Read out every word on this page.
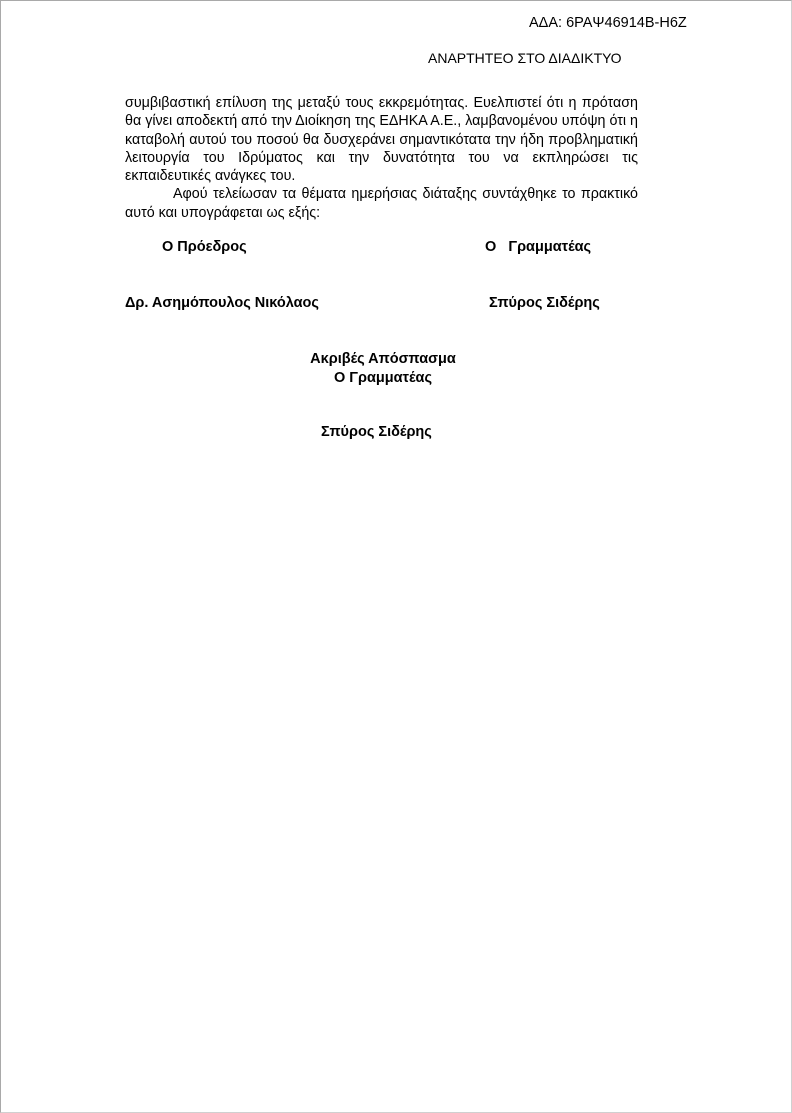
ΑΔΑ: 6ΡΑΨ46914Β-Η6Ζ
ΑΝΑΡΤΗΤΕΟ ΣΤΟ ΔΙΑΔΙΚΤΥΟ

συμβιβαστική επίλυση της μεταξύ τους εκκρεμότητας. Ευελπιστεί ότι η πρόταση θα γίνει αποδεκτή από την Διοίκηση της ΕΔΗΚΑ Α.Ε., λαμβανομένου υπόψη ότι η καταβολή αυτού του ποσού θα δυσχεράνει σημαντικότατα την ήδη προβληματική λειτουργία του Ιδρύματος και την δυνατότητα του να εκπληρώσει τις εκπαιδευτικές ανάγκες του.

Αφού τελείωσαν τα θέματα ημερήσιας διάταξης συντάχθηκε το πρακτικό αυτό και υπογράφεται ως εξής:

Ο Πρόεδρος	Ο   Γραμματέας
Δρ. Ασημόπουλος Νικόλαος	Σπύρος Σιδέρης
Ακριβές Απόσπασμα
Ο Γραμματέας
Σπύρος Σιδέρης
